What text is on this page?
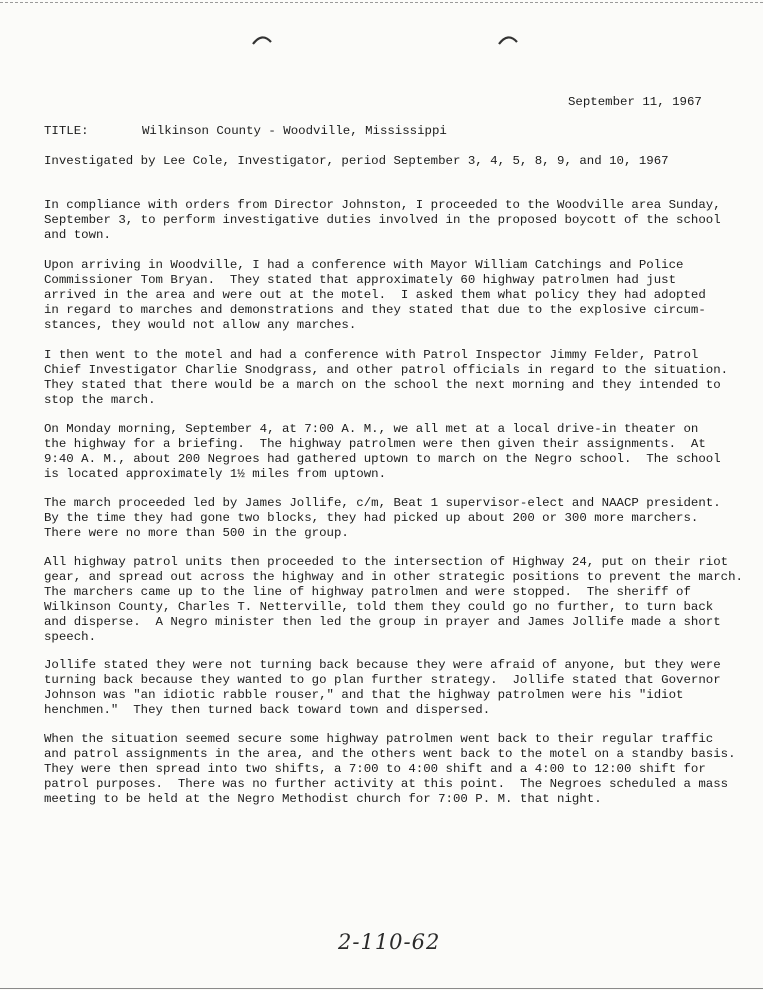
September 11, 1967
TITLE:	Wilkinson County - Woodville, Mississippi
Investigated by Lee Cole, Investigator, period September 3, 4, 5, 8, 9, and 10, 1967
In compliance with orders from Director Johnston, I proceeded to the Woodville area Sunday,
September 3, to perform investigative duties involved in the proposed boycott of the school
and town.
Upon arriving in Woodville, I had a conference with Mayor William Catchings and Police
Commissioner Tom Bryan.  They stated that approximately 60 highway patrolmen had just
arrived in the area and were out at the motel.  I asked them what policy they had adopted
in regard to marches and demonstrations and they stated that due to the explosive circum-
stances, they would not allow any marches.
I then went to the motel and had a conference with Patrol Inspector Jimmy Felder, Patrol
Chief Investigator Charlie Snodgrass, and other patrol officials in regard to the situation.
They stated that there would be a march on the school the next morning and they intended to
stop the march.
On Monday morning, September 4, at 7:00 A. M., we all met at a local drive-in theater on
the highway for a briefing.  The highway patrolmen were then given their assignments.  At
9:40 A. M., about 200 Negroes had gathered uptown to march on the Negro school.  The school
is located approximately 1½ miles from uptown.
The march proceeded led by James Jollife, c/m, Beat 1 supervisor-elect and NAACP president.
By the time they had gone two blocks, they had picked up about 200 or 300 more marchers.
There were no more than 500 in the group.
All highway patrol units then proceeded to the intersection of Highway 24, put on their riot
gear, and spread out across the highway and in other strategic positions to prevent the march.
The marchers came up to the line of highway patrolmen and were stopped.  The sheriff of
Wilkinson County, Charles T. Netterville, told them they could go no further, to turn back
and disperse.  A Negro minister then led the group in prayer and James Jollife made a short
speech.
Jollife stated they were not turning back because they were afraid of anyone, but they were
turning back because they wanted to go plan further strategy.  Jollife stated that Governor
Johnson was "an idiotic rabble rouser," and that the highway patrolmen were his "idiot
henchmen."  They then turned back toward town and dispersed.
When the situation seemed secure some highway patrolmen went back to their regular traffic
and patrol assignments in the area, and the others went back to the motel on a standby basis.
They were then spread into two shifts, a 7:00 to 4:00 shift and a 4:00 to 12:00 shift for
patrol purposes.  There was no further activity at this point.  The Negroes scheduled a mass
meeting to be held at the Negro Methodist church for 7:00 P. M. that night.
2-110-62
